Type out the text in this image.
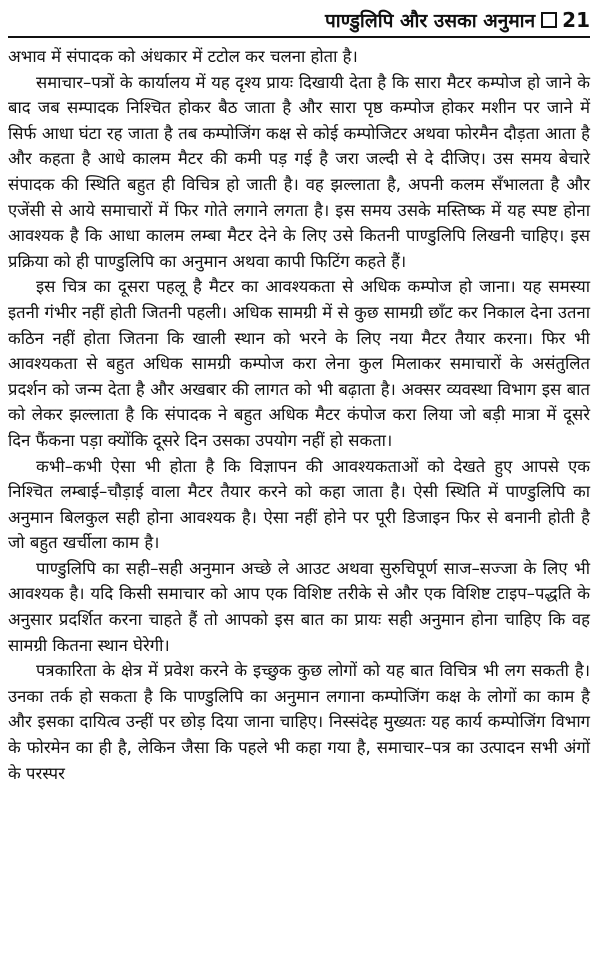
पाण्डुलिपि और उसका अनुमान 21

अभाव में संपादक को अंधकार में टटोल कर चलना होता है।

समाचार–पत्रों के कार्यालय में यह दृश्य प्रायः दिखायी देता है कि सारा मैटर कम्पोज हो जाने के बाद जब सम्पादक निश्चित होकर बैठ जाता है और सारा पृष्ठ कम्पोज होकर मशीन पर जाने में सिर्फ आधा घंटा रह जाता है तब कम्पोजिंग कक्ष से कोई कम्पोजिटर अथवा फोरमैन दौड़ता आता है और कहता है आधे कालम मैटर की कमी पड़ गई है जरा जल्दी से दे दीजिए। उस समय बेचारे संपादक की स्थिति बहुत ही विचित्र हो जाती है। वह झल्लाता है, अपनी कलम सँभालता है और एजेंसी से आये समाचारों में फिर गोते लगाने लगता है। इस समय उसके मस्तिष्क में यह स्पष्ट होना आवश्यक है कि आधा कालम लम्बा मैटर देने के लिए उसे कितनी पाण्डुलिपि लिखनी चाहिए। इस प्रक्रिया को ही पाण्डुलिपि का अनुमान अथवा कापी फिटिंग कहते हैं।

इस चित्र का दूसरा पहलू है मैटर का आवश्यकता से अधिक कम्पोज हो जाना। यह समस्या इतनी गंभीर नहीं होती जितनी पहली। अधिक सामग्री में से कुछ सामग्री छाँट कर निकाल देना उतना कठिन नहीं होता जितना कि खाली स्थान को भरने के लिए नया मैटर तैयार करना। फिर भी आवश्यकता से बहुत अधिक सामग्री कम्पोज करा लेना कुल मिलाकर समाचारों के असंतुलित प्रदर्शन को जन्म देता है और अखबार की लागत को भी बढ़ाता है। अक्सर व्यवस्था विभाग इस बात को लेकर झल्लाता है कि संपादक ने बहुत अधिक मैटर कंपोज करा लिया जो बड़ी मात्रा में दूसरे दिन फैंकना पड़ा क्योंकि दूसरे दिन उसका उपयोग नहीं हो सकता।

कभी–कभी ऐसा भी होता है कि विज्ञापन की आवश्यकताओं को देखते हुए आपसे एक निश्चित लम्बाई–चौड़ाई वाला मैटर तैयार करने को कहा जाता है। ऐसी स्थिति में पाण्डुलिपि का अनुमान बिलकुल सही होना आवश्यक है। ऐसा नहीं होने पर पूरी डिजाइन फिर से बनानी होती है जो बहुत खर्चीला काम है।

पाण्डुलिपि का सही–सही अनुमान अच्छे ले आउट अथवा सुरुचिपूर्ण साज–सज्जा के लिए भी आवश्यक है। यदि किसी समाचार को आप एक विशिष्ट तरीके से और एक विशिष्ट टाइप–पद्धति के अनुसार प्रदर्शित करना चाहते हैं तो आपको इस बात का प्रायः सही अनुमान होना चाहिए कि वह सामग्री कितना स्थान घेरेगी।

पत्रकारिता के क्षेत्र में प्रवेश करने के इच्छुक कुछ लोगों को यह बात विचित्र भी लग सकती है। उनका तर्क हो सकता है कि पाण्डुलिपि का अनुमान लगाना कम्पोजिंग कक्ष के लोगों का काम है और इसका दायित्व उन्हीं पर छोड़ दिया जाना चाहिए। निस्संदेह मुख्यतः यह कार्य कम्पोजिंग विभाग के फोरमेन का ही है, लेकिन जैसा कि पहले भी कहा गया है, समाचार–पत्र का उत्पादन सभी अंगों के परस्पर
